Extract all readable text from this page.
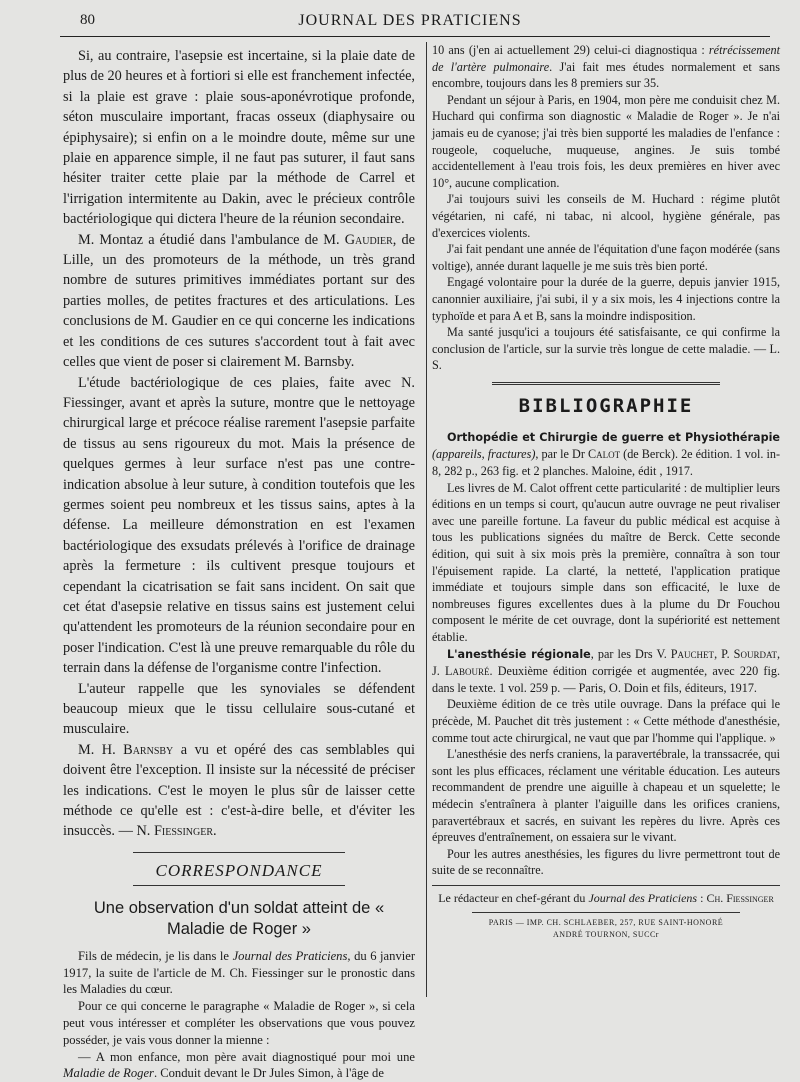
80	JOURNAL DES PRATICIENS

Si, au contraire, l'asepsie est incertaine, si la plaie date de plus de 20 heures et à fortiori si elle est franchement infectée, si la plaie est grave : plaie sous-aponévrotique profonde, séton musculaire important, fracas osseux (diaphysaire ou épiphysaire); si enfin on a le moindre doute, même sur une plaie en apparence simple, il ne faut pas suturer, il faut sans hésiter traiter cette plaie par la méthode de Carrel et l'irrigation intermitente au Dakin, avec le précieux contrôle bactériologique qui dictera l'heure de la réunion secondaire.

M. Montaz a étudié dans l'ambulance de M. Gaudier, de Lille, un des promoteurs de la méthode, un très grand nombre de sutures primitives immédiates portant sur des parties molles, de petites fractures et des articulations. Les conclusions de M. Gaudier en ce qui concerne les indications et les conditions de ces sutures s'accordent tout à fait avec celles que vient de poser si clairement M. Barnsby.

L'étude bactériologique de ces plaies, faite avec N. Fiessinger, avant et après la suture, montre que le nettoyage chirurgical large et précoce réalise rarement l'asepsie parfaite de tissus au sens rigoureux du mot. Mais la présence de quelques germes à leur surface n'est pas une contre-indication absolue à leur suture, à condition toutefois que les germes soient peu nombreux et les tissus sains, aptes à la défense. La meilleure démonstration en est l'examen bactériologique des exsudats prélevés à l'orifice de drainage après la fermeture : ils cultivent presque toujours et cependant la cicatrisation se fait sans incident. On sait que cet état d'asepsie relative en tissus sains est justement celui qu'attendent les promoteurs de la réunion secondaire pour en poser l'indication. C'est là une preuve remarquable du rôle du terrain dans la défense de l'organisme contre l'infection.

L'auteur rappelle que les synoviales se défendent beaucoup mieux que le tissu cellulaire sous-cutané et musculaire.

M. H. Barnsby a vu et opéré des cas semblables qui doivent être l'exception. Il insiste sur la nécessité de préciser les indications. C'est le moyen le plus sûr de laisser cette méthode ce qu'elle est : c'est-à-dire belle, et d'éviter les insuccès. — N. Fiessinger.

CORRESPONDANCE
Une observation d'un soldat atteint de « Maladie de Roger »

Fils de médecin, je lis dans le Journal des Praticiens, du 6 janvier 1917, la suite de l'article de M. Ch. Fiessinger sur le pronostic dans les Maladies du cœur.

Pour ce qui concerne le paragraphe « Maladie de Roger », si cela peut vous intéresser et compléter les observations que vous pouvez posséder, je vais vous donner la mienne :

— A mon enfance, mon père avait diagnostiqué pour moi une Maladie de Roger. Conduit devant le Dr Jules Simon, à l'âge de

10 ans (j'en ai actuellement 29) celui-ci diagnostiqua : rétrécissement de l'artère pulmonaire. J'ai fait mes études normalement et sans encombre, toujours dans les 8 premiers sur 35.

Pendant un séjour à Paris, en 1904, mon père me conduisit chez M. Huchard qui confirma son diagnostic « Maladie de Roger ». Je n'ai jamais eu de cyanose; j'ai très bien supporté les maladies de l'enfance : rougeole, coqueluche, muqueuse, angines. Je suis tombé accidentellement à l'eau trois fois, les deux premières en hiver avec 10°, aucune complication.

J'ai toujours suivi les conseils de M. Huchard : régime plutôt végétarien, ni café, ni tabac, ni alcool, hygiène générale, pas d'exercices violents.

J'ai fait pendant une année de l'équitation d'une façon modérée (sans voltige), année durant laquelle je me suis très bien porté.

Engagé volontaire pour la durée de la guerre, depuis janvier 1915, canonnier auxiliaire, j'ai subi, il y a six mois, les 4 injections contre la typhoïde et para A et B, sans la moindre indisposition.

Ma santé jusqu'ici a toujours été satisfaisante, ce qui confirme la conclusion de l'article, sur la survie très longue de cette maladie. — L. S.

BIBLIOGRAPHIE

Orthopédie et Chirurgie de guerre et Physiothérapie (appareils, fractures), par le Dr Calot (de Berck). 2e édition. 1 vol. in-8, 282 p., 263 fig. et 2 planches. Maloine, édit , 1917.

Les livres de M. Calot offrent cette particularité : de multiplier leurs éditions en un temps si court, qu'aucun autre ouvrage ne peut rivaliser avec une pareille fortune. La faveur du public médical est acquise à tous les publications signées du maître de Berck. Cette seconde édition, qui suit à six mois près la première, connaîtra à son tour l'épuisement rapide. La clarté, la netteté, l'application pratique immédiate et toujours simple dans son efficacité, le luxe de nombreuses figures excellentes dues à la plume du Dr Fouchou composent le mérite de cet ouvrage, dont la supériorité est nettement établie.

L'anesthésie régionale, par les Drs V. Pauchet, P. Sourdat, J. Labouré. Deuxième édition corrigée et augmentée, avec 220 fig. dans le texte. 1 vol. 259 p. — Paris, O. Doin et fils, éditeurs, 1917.

Deuxième édition de ce très utile ouvrage. Dans la préface qui le précède, M. Pauchet dit très justement : « Cette méthode d'anesthésie, comme tout acte chirurgical, ne vaut que par l'homme qui l'applique. »

L'anesthésie des nerfs craniens, la paravertébrale, la transsacrée, qui sont les plus efficaces, réclament une véritable éducation. Les auteurs recommandent de prendre une aiguille à chapeau et un squelette; le médecin s'entraînera à planter l'aiguille dans les orifices craniens, paravertébraux et sacrés, en suivant les repères du livre. Après ces épreuves d'entraînement, on essaiera sur le vivant.

Pour les autres anesthésies, les figures du livre permettront tout de suite de se reconnaître.

Le rédacteur en chef-gérant du Journal des Praticiens : Ch. Fiessinger

PARIS — IMP. CH. SCHLAEBER, 257, RUE SAINT-HONORÉ

ANDRÉ TOURNON, SUCCr
